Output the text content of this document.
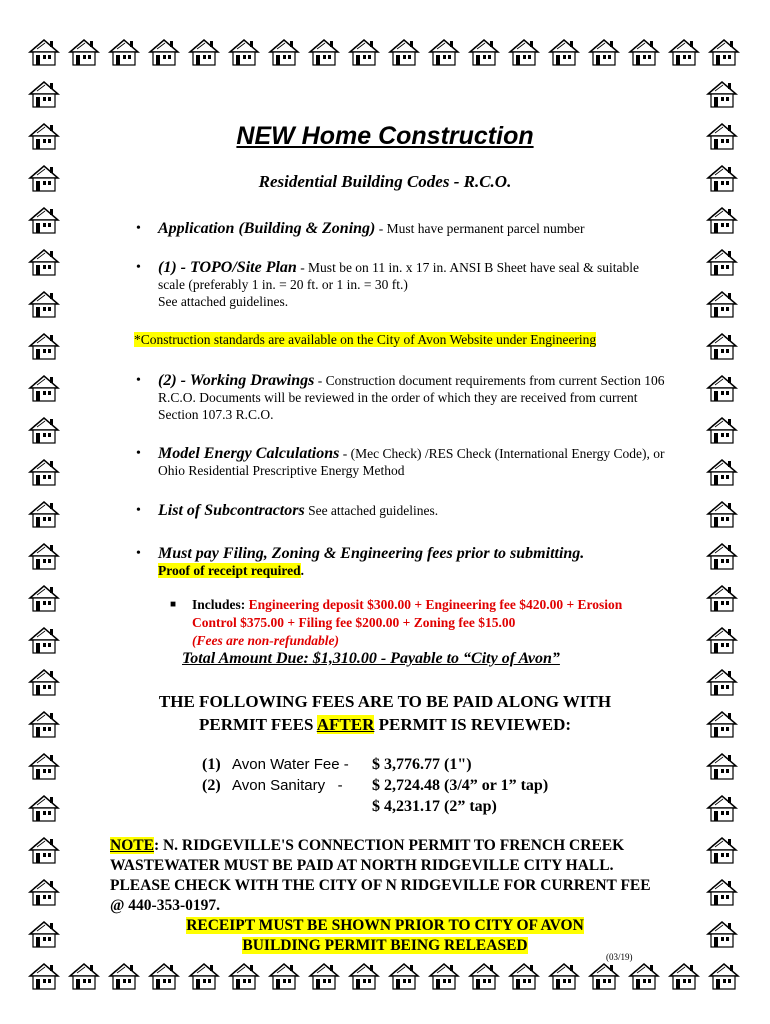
NEW Home Construction
Residential Building Codes - R.C.O.
• Application (Building & Zoning) - Must have permanent parcel number
• (1) - TOPO/Site Plan - Must be on 11 in. x 17 in. ANSI B Sheet have seal & suitable scale (preferably 1 in. = 20 ft. or 1 in. = 30 ft.)
See attached guidelines.
*Construction standards are available on the City of Avon Website under Engineering
• (2) - Working Drawings - Construction document requirements from current Section 106 R.C.O. Documents will be reviewed in the order of which they are received from current Section 107.3 R.C.O.
• Model Energy Calculations - (Mec Check) /RES Check (International Energy Code), or Ohio Residential Prescriptive Energy Method
• List of Subcontractors See attached guidelines.
• Must pay Filing, Zoning & Engineering fees prior to submitting.
Proof of receipt required.
■ Includes: Engineering deposit $300.00 + Engineering fee $420.00 + Erosion Control $375.00 + Filing fee $200.00 + Zoning fee $15.00
(Fees are non-refundable)
Total Amount Due: $1,310.00 - Payable to “City of Avon”
THE FOLLOWING FEES ARE TO BE PAID ALONG WITH
PERMIT FEES AFTER PERMIT IS REVIEWED:
(1)	Avon Water Fee -	$ 3,776.77 (1")
(2)	Avon Sanitary   -	$ 2,724.48 (3/4” or 1” tap)
		$ 4,231.17 (2” tap)
NOTE: N. RIDGEVILLE'S CONNECTION PERMIT TO FRENCH CREEK WASTEWATER MUST BE PAID AT NORTH RIDGEVILLE CITY HALL. PLEASE CHECK WITH THE CITY OF N RIDGEVILLE FOR CURRENT FEE @ 440-353-0197.
RECEIPT MUST BE SHOWN PRIOR TO CITY OF AVON
BUILDING PERMIT BEING RELEASED
(03/19)
